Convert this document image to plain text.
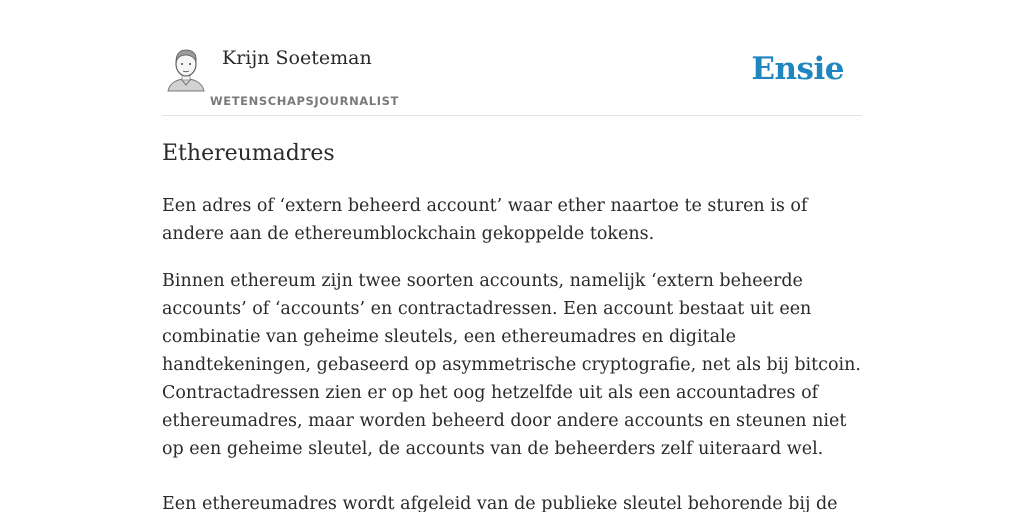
Krijn Soeteman
WETENSCHAPSJOURNALIST
Ensie
Ethereumadres

Een adres of ‘extern beheerd account’ waar ether naartoe te sturen is of andere aan de ethereumblockchain gekoppelde tokens.

Binnen ethereum zijn twee soorten accounts, namelijk ‘extern beheerde accounts’ of ‘accounts’ en contractadressen. Een account bestaat uit een combinatie van geheime sleutels, een ethereumadres en digitale handtekeningen, gebaseerd op asymmetrische cryptografie, net als bij bitcoin. Contractadressen zien er op het oog hetzelfde uit als een accountadres of ethereumadres, maar worden beheerd door andere accounts en steunen niet op een geheime sleutel, de accounts van de beheerders zelf uiteraard wel.

Een ethereumadres wordt afgeleid van de publieke sleutel behorende bij de
